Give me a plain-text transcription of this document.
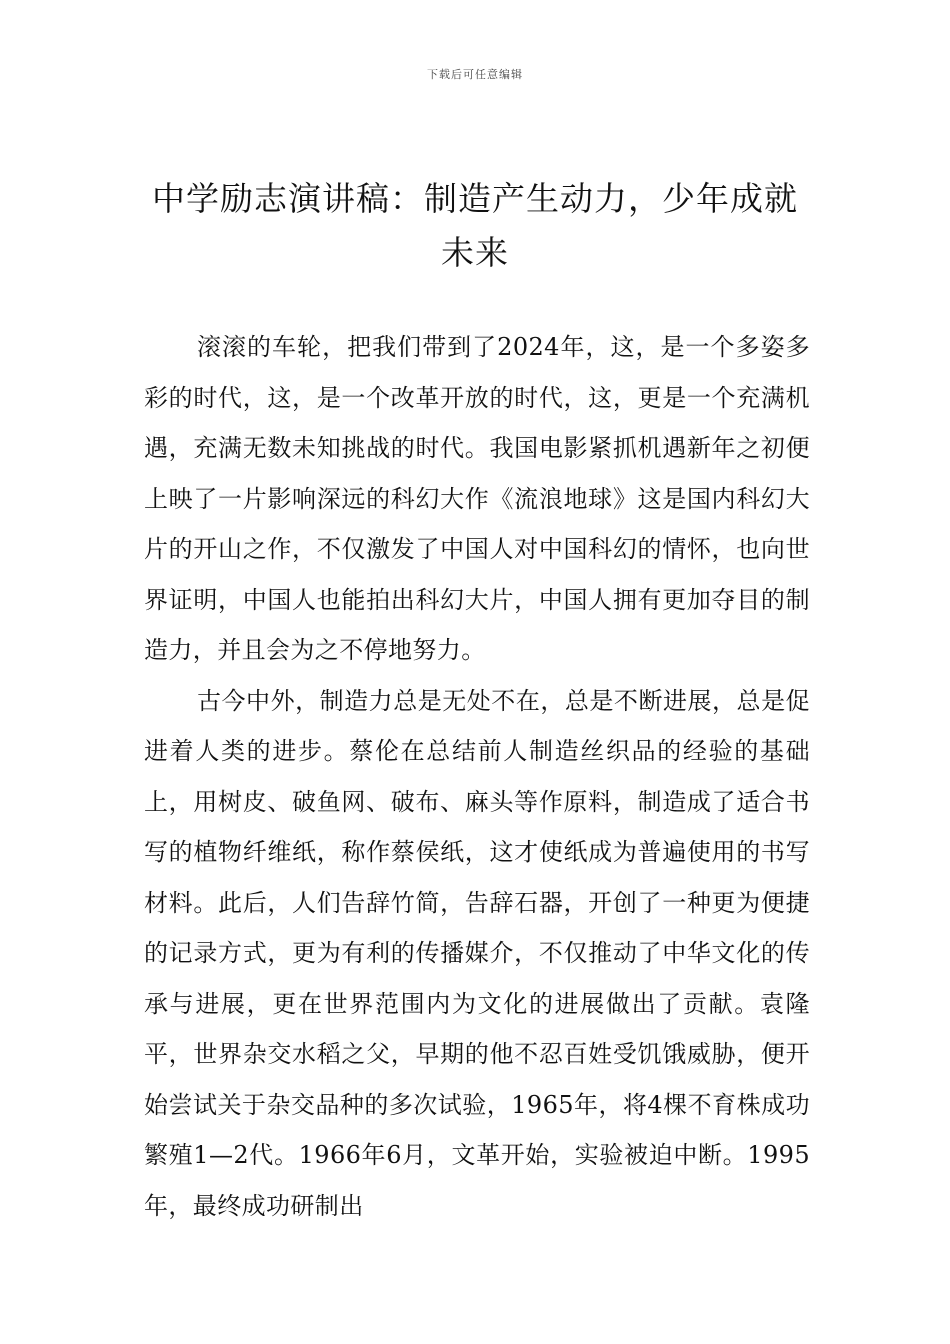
下载后可任意编辑
中学励志演讲稿：制造产生动力，少年成就未来

滚滚的车轮，把我们带到了2024年，这，是一个多姿多彩的时代，这，是一个改革开放的时代，这，更是一个充满机遇，充满无数未知挑战的时代。我国电影紧抓机遇新年之初便上映了一片影响深远的科幻大作《流浪地球》这是国内科幻大片的开山之作，不仅激发了中国人对中国科幻的情怀，也向世界证明，中国人也能拍出科幻大片，中国人拥有更加夺目的制造力，并且会为之不停地努力。

古今中外，制造力总是无处不在，总是不断进展，总是促进着人类的进步。蔡伦在总结前人制造丝织品的经验的基础上，用树皮、破鱼网、破布、麻头等作原料，制造成了适合书写的植物纤维纸，称作蔡侯纸，这才使纸成为普遍使用的书写材料。此后，人们告辞竹简，告辞石器，开创了一种更为便捷的记录方式，更为有利的传播媒介，不仅推动了中华文化的传承与进展，更在世界范围内为文化的进展做出了贡献。袁隆平，世界杂交水稻之父，早期的他不忍百姓受饥饿威胁，便开始尝试关于杂交品种的多次试验，1965年，将4棵不育株成功繁殖1—2代。1966年6月，文革开始，实验被迫中断。1995年，最终成功研制出
